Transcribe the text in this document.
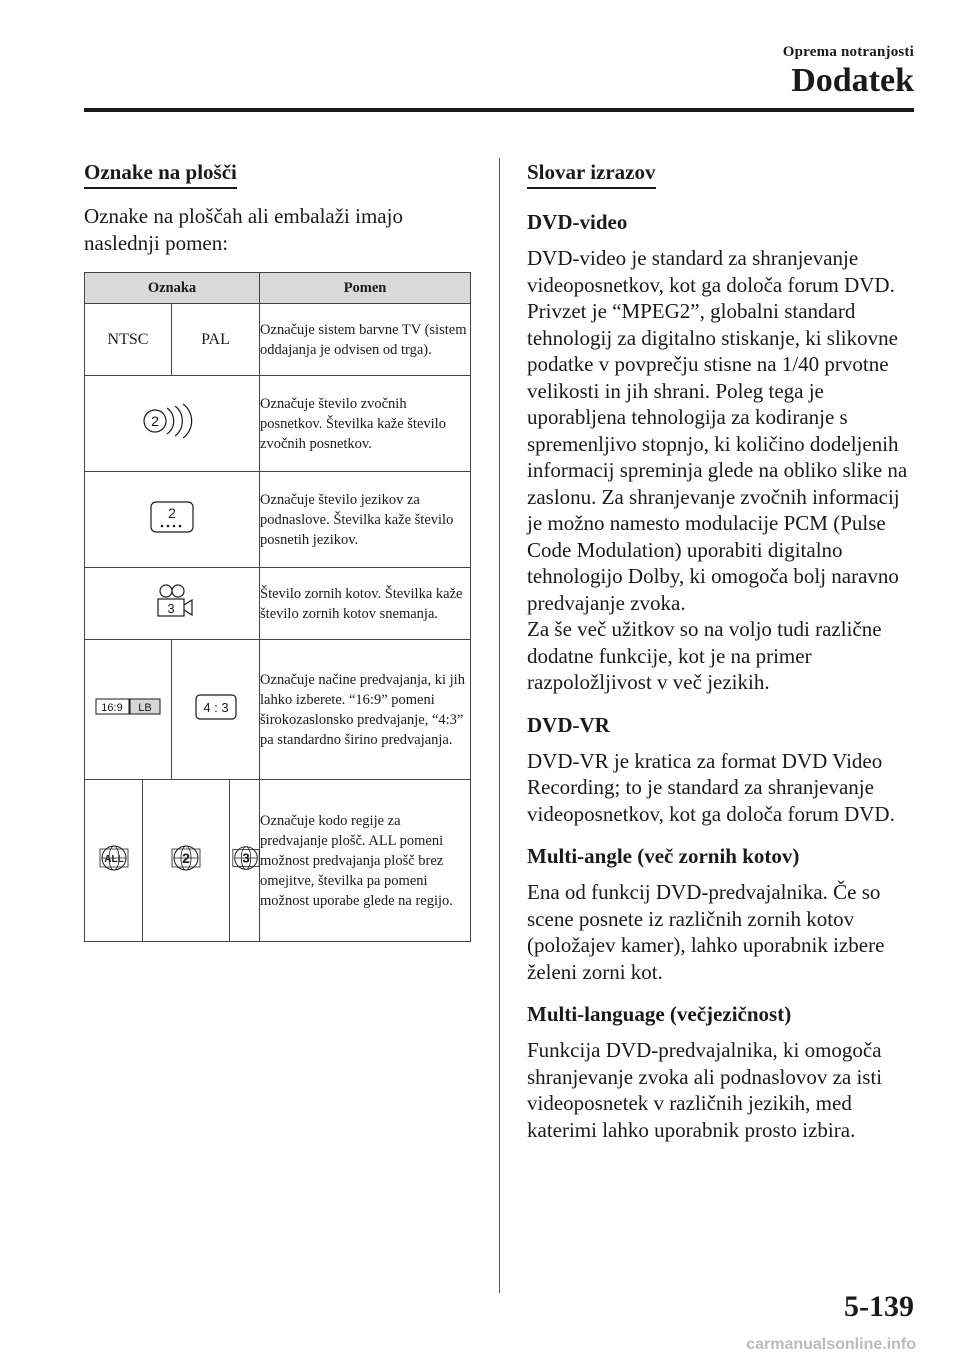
Oprema notranjosti
Dodatek
Oznake na plošči

Oznake na ploščah ali embalaži imajo naslednji pomen:

Oznaka				Pomen
NTSC		PAL		Označuje sistem barvne TV (sistem oddajanja je odvisen od trga).

2				Označuje število zvočnih posnetkov. Številka kaže število zvočnih posnetkov.

2				Označuje število jezikov za podnaslove. Številka kaže število posnetih jezikov.

3				Število zornih kotov. Številka kaže število zornih kotov snemanja.

16:9 LB		4 : 3		Označuje načine predvajanja, ki jih lahko izberete. “16:9” pomeni širokozaslonsko predvajanje, “4:3” pa standardno širino predvajanja.

ALL	2		3	Označuje kodo regije za predvajanje plošč. ALL pomeni možnost predvajanja plošč brez omejitve, številka pa pomeni možnost uporabe glede na regijo.
Slovar izrazov
DVD-video

DVD-video je standard za shranjevanje videoposnetkov, kot ga določa forum DVD.
Privzet je “MPEG2”, globalni standard tehnologij za digitalno stiskanje, ki slikovne podatke v povprečju stisne na 1/40 prvotne velikosti in jih shrani. Poleg tega je uporabljena tehnologija za kodiranje s spremenljivo stopnjo, ki količino dodeljenih informacij spreminja glede na obliko slike na zaslonu. Za shranjevanje zvočnih informacij je možno namesto modulacije PCM (Pulse Code Modulation) uporabiti digitalno tehnologijo Dolby, ki omogoča bolj naravno predvajanje zvoka.
Za še več užitkov so na voljo tudi različne dodatne funkcije, kot je na primer razpoložljivost v več jezikih.

DVD-VR

DVD-VR je kratica za format DVD Video Recording; to je standard za shranjevanje videoposnetkov, kot ga določa forum DVD.

Multi-angle (več zornih kotov)

Ena od funkcij DVD-predvajalnika. Če so scene posnete iz različnih zornih kotov (položajev kamer), lahko uporabnik izbere želeni zorni kot.

Multi-language (večjezičnost)

Funkcija DVD-predvajalnika, ki omogoča shranjevanje zvoka ali podnaslovov za isti videoposnetek v različnih jezikih, med katerimi lahko uporabnik prosto izbira.

5-139
carmanualsonline.info
